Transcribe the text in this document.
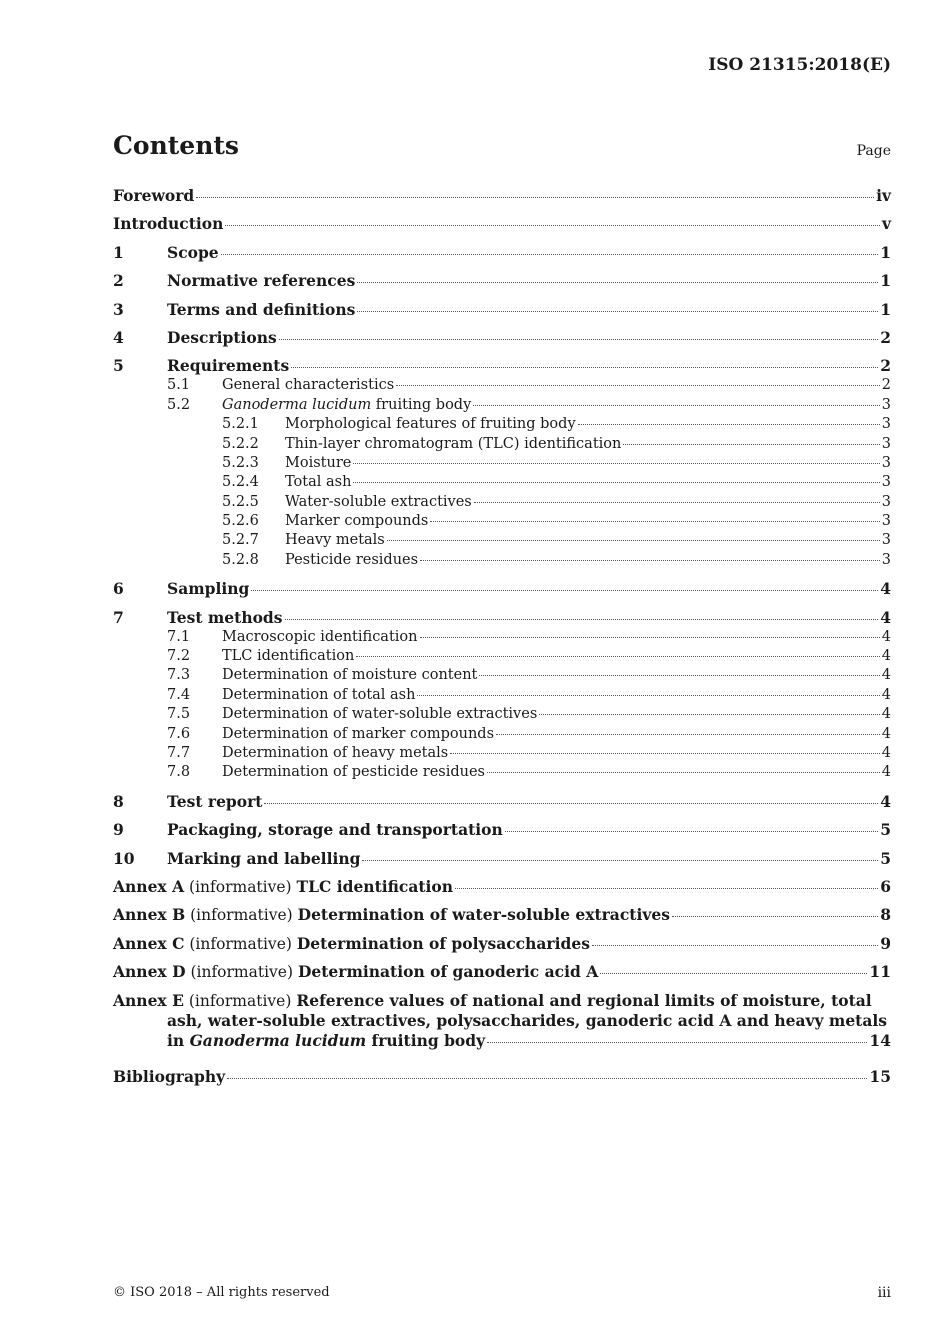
ISO 21315:2018(E)
Contents	Page
Foreword	iv
Introduction	v
1	Scope	1
2	Normative references	1
3	Terms and definitions	1
4	Descriptions	2
5	Requirements	2
5.1	General characteristics	2
5.2	Ganoderma lucidum fruiting body	3
5.2.1	Morphological features of fruiting body	3
5.2.2	Thin-layer chromatogram (TLC) identification	3
5.2.3	Moisture	3
5.2.4	Total ash	3
5.2.5	Water-soluble extractives	3
5.2.6	Marker compounds	3
5.2.7	Heavy metals	3
5.2.8	Pesticide residues	3
6	Sampling	4
7	Test methods	4
7.1	Macroscopic identification	4
7.2	TLC identification	4
7.3	Determination of moisture content	4
7.4	Determination of total ash	4
7.5	Determination of water-soluble extractives	4
7.6	Determination of marker compounds	4
7.7	Determination of heavy metals	4
7.8	Determination of pesticide residues	4
8	Test report	4
9	Packaging, storage and transportation	5
10	Marking and labelling	5
Annex A (informative) TLC identification	6
Annex B (informative) Determination of water-soluble extractives	8
Annex C (informative) Determination of polysaccharides	9
Annex D (informative) Determination of ganoderic acid A	11
Annex E (informative) Reference values of national and regional limits of moisture, total
ash, water-soluble extractives, polysaccharides, ganoderic acid A and heavy metals
in Ganoderma lucidum fruiting body	14
Bibliography	15
© ISO 2018 – All rights reserved	iii
